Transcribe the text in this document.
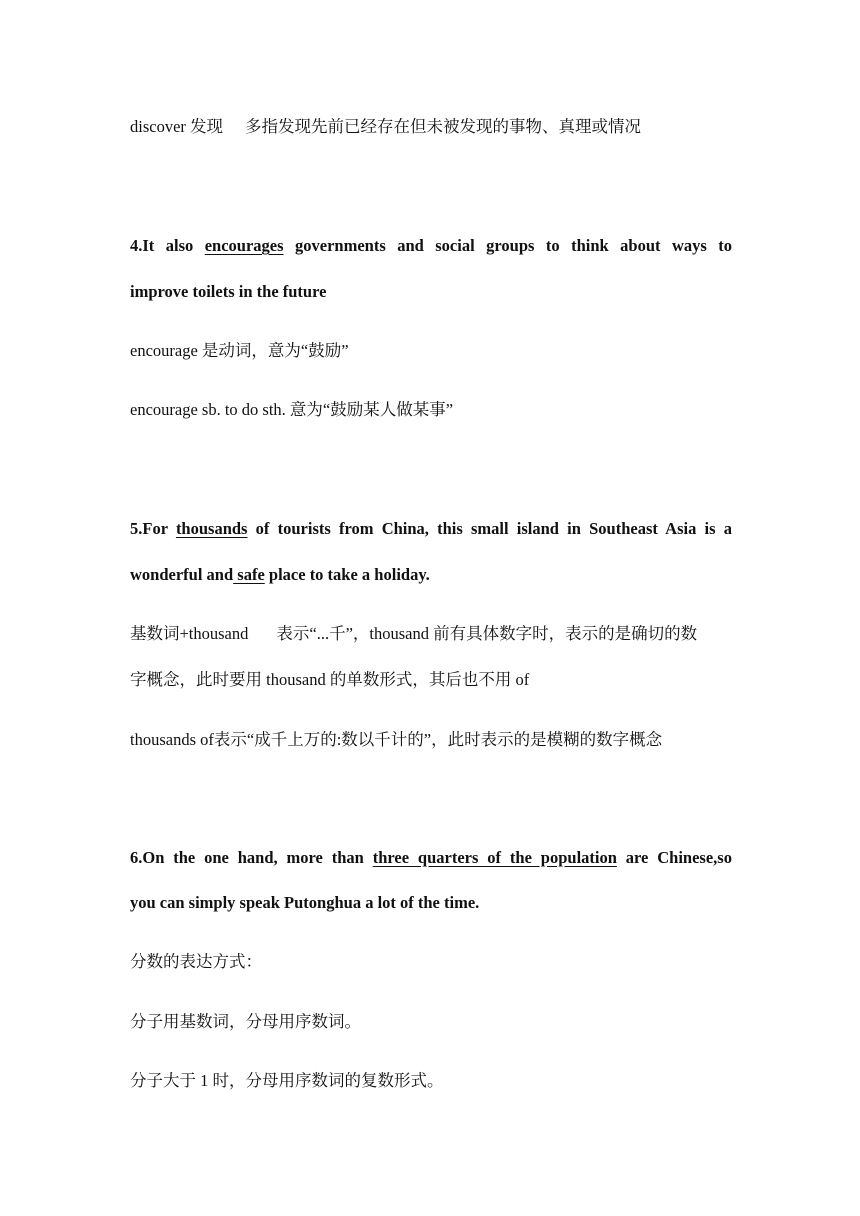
discover 发现 多指发现先前已经存在但未被发现的事物、真理或情况
4.It also encourages governments and social groups to think about ways to
improve toilets in the future
encourage 是动词，意为“鼓励”
encourage sb. to do sth. 意为“鼓励某人做某事”
5.For thousands of tourists from China, this small island in Southeast Asia is a
wonderful and safe place to take a holiday.
基数词+thousand 表示“...千”，thousand 前有具体数字时，表示的是确切的数
字概念，此时要用 thousand 的单数形式，其后也不用 of
thousands of表示“成千上万的:数以千计的”，此时表示的是模糊的数字概念
6.On the one hand, more than three quarters of the population are Chinese,so
you can simply speak Putonghua a lot of the time.
分数的表达方式：
分子用基数词，分母用序数词。
分子大于 1 时，分母用序数词的复数形式。
